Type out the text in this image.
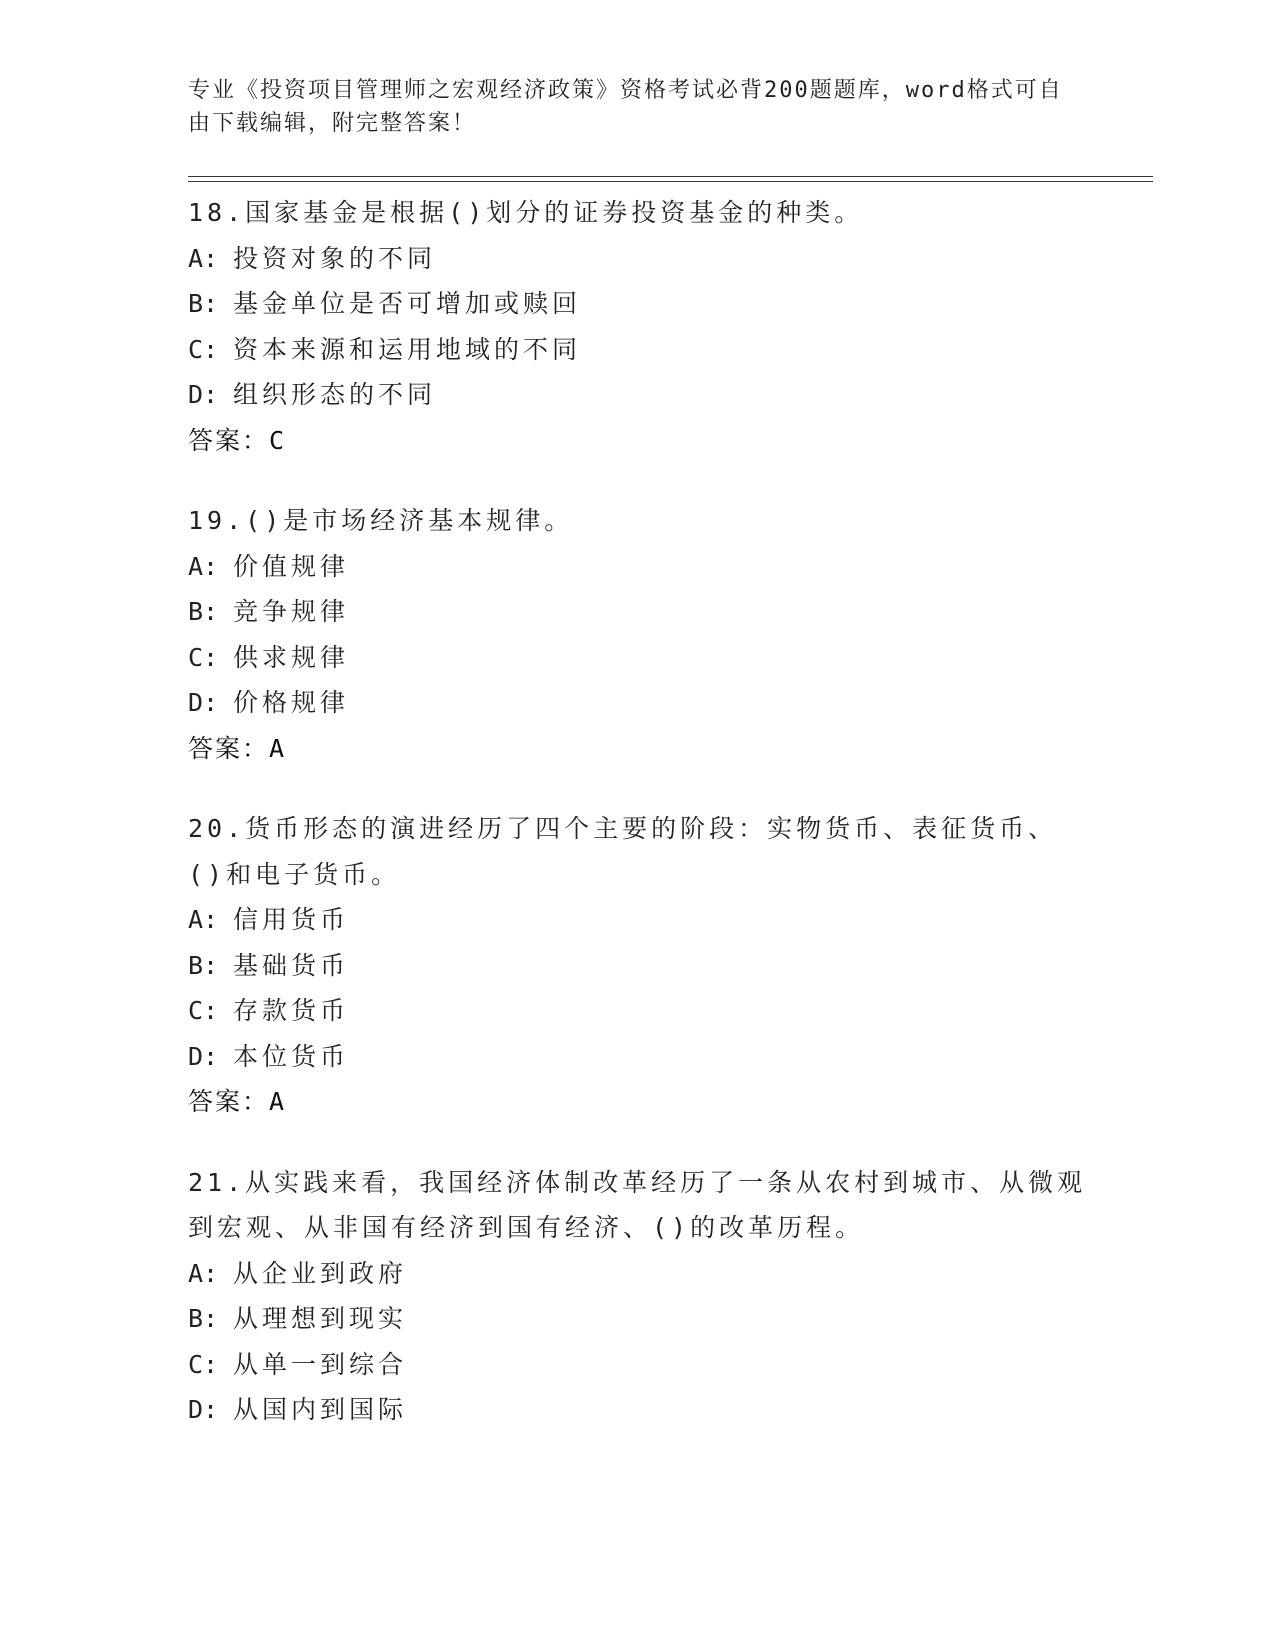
专业《投资项目管理师之宏观经济政策》资格考试必背200题题库，word格式可自由下载编辑，附完整答案！
18.国家基金是根据()划分的证券投资基金的种类。
A: 投资对象的不同
B: 基金单位是否可增加或赎回
C: 资本来源和运用地域的不同
D: 组织形态的不同
答案：C
19.()是市场经济基本规律。
A: 价值规律
B: 竞争规律
C: 供求规律
D: 价格规律
答案：A
20.货币形态的演进经历了四个主要的阶段：实物货币、表征货币、()和电子货币。
A: 信用货币
B: 基础货币
C: 存款货币
D: 本位货币
答案：A
21.从实践来看，我国经济体制改革经历了一条从农村到城市、从微观到宏观、从非国有经济到国有经济、()的改革历程。
A: 从企业到政府
B: 从理想到现实
C: 从单一到综合
D: 从国内到国际
